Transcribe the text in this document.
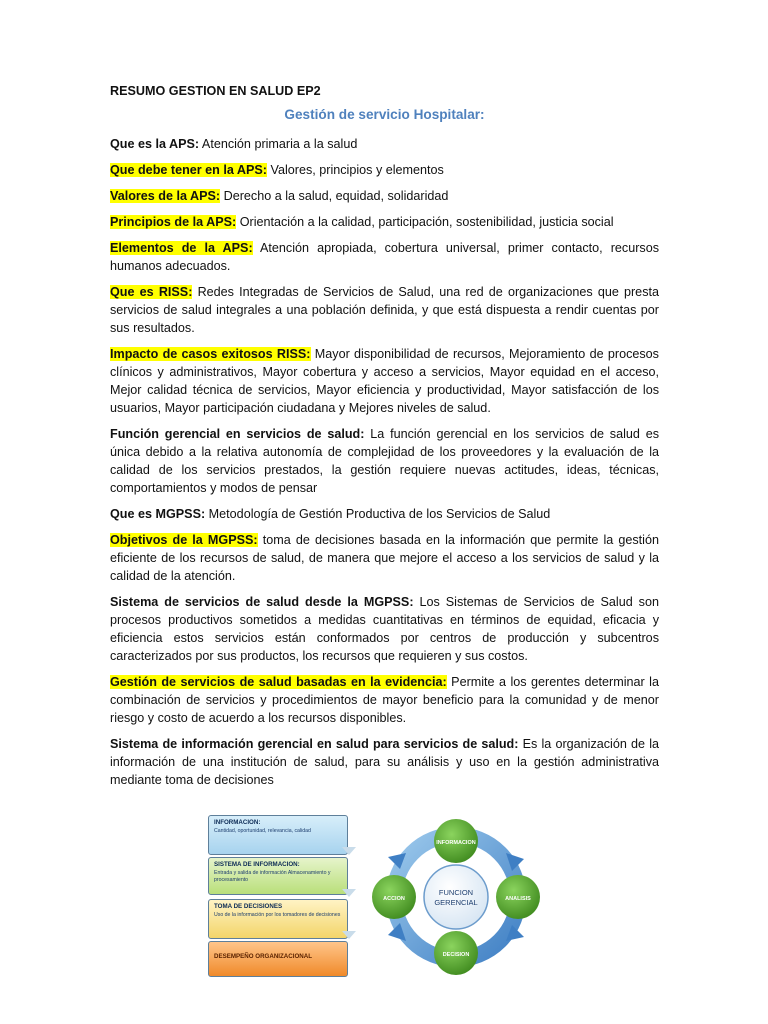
RESUMO GESTION EN SALUD EP2

Gestión de servicio Hospitalar:

Que es la APS: Atención primaria a la salud

Que debe tener en la APS: Valores, principios y elementos

Valores de la APS: Derecho a la salud, equidad, solidaridad

Principios de la APS: Orientación a la calidad, participación, sostenibilidad, justicia social

Elementos de la APS: Atención apropiada, cobertura universal, primer contacto, recursos humanos adecuados.

Que es RISS: Redes Integradas de Servicios de Salud, una red de organizaciones que presta servicios de salud integrales a una población definida, y que está dispuesta a rendir cuentas por sus resultados.

Impacto de casos exitosos RISS: Mayor disponibilidad de recursos, Mejoramiento de procesos clínicos y administrativos, Mayor cobertura y acceso a servicios, Mayor equidad en el acceso, Mejor calidad técnica de servicios, Mayor eficiencia y productividad, Mayor satisfacción de los usuarios, Mayor participación ciudadana y Mejores niveles de salud.

Función gerencial en servicios de salud: La función gerencial en los servicios de salud es única debido a la relativa autonomía de complejidad de los proveedores y la evaluación de la calidad de los servicios prestados, la gestión requiere nuevas actitudes, ideas, técnicas, comportamientos y modos de pensar

Que es MGPSS: Metodología de Gestión Productiva de los Servicios de Salud

Objetivos de la MGPSS: toma de decisiones basada en la información que permite la gestión eficiente de los recursos de salud, de manera que mejore el acceso a los servicios de salud y la calidad de la atención.

Sistema de servicios de salud desde la MGPSS: Los Sistemas de Servicios de Salud son procesos productivos sometidos a medidas cuantitativas en términos de equidad, eficacia y eficiencia estos servicios están conformados por centros de producción y subcentros caracterizados por sus productos, los recursos que requieren y sus costos.

Gestión de servicios de salud basadas en la evidencia: Permite a los gerentes determinar la combinación de servicios y procedimientos de mayor beneficio para la comunidad y de menor riesgo y costo de acuerdo a los recursos disponibles.

Sistema de información gerencial en salud para servicios de salud: Es la organización de la información de una institución de salud, para su análisis y uso en la gestión administrativa mediante toma de decisiones

INFORMACION:
Cantidad, oportunidad, relevancia, calidad
SISTEMA DE INFORMACION:
Entrada y salida de información Almacenamiento y procesamiento
TOMA DE DECISIONES
Uso de la información por los tomadores de decisiones
DESEMPEÑO ORGANIZACIONAL
FUNCION
GERENCIAL
INFORMACION
ANALISIS
DECISION
ACCION
